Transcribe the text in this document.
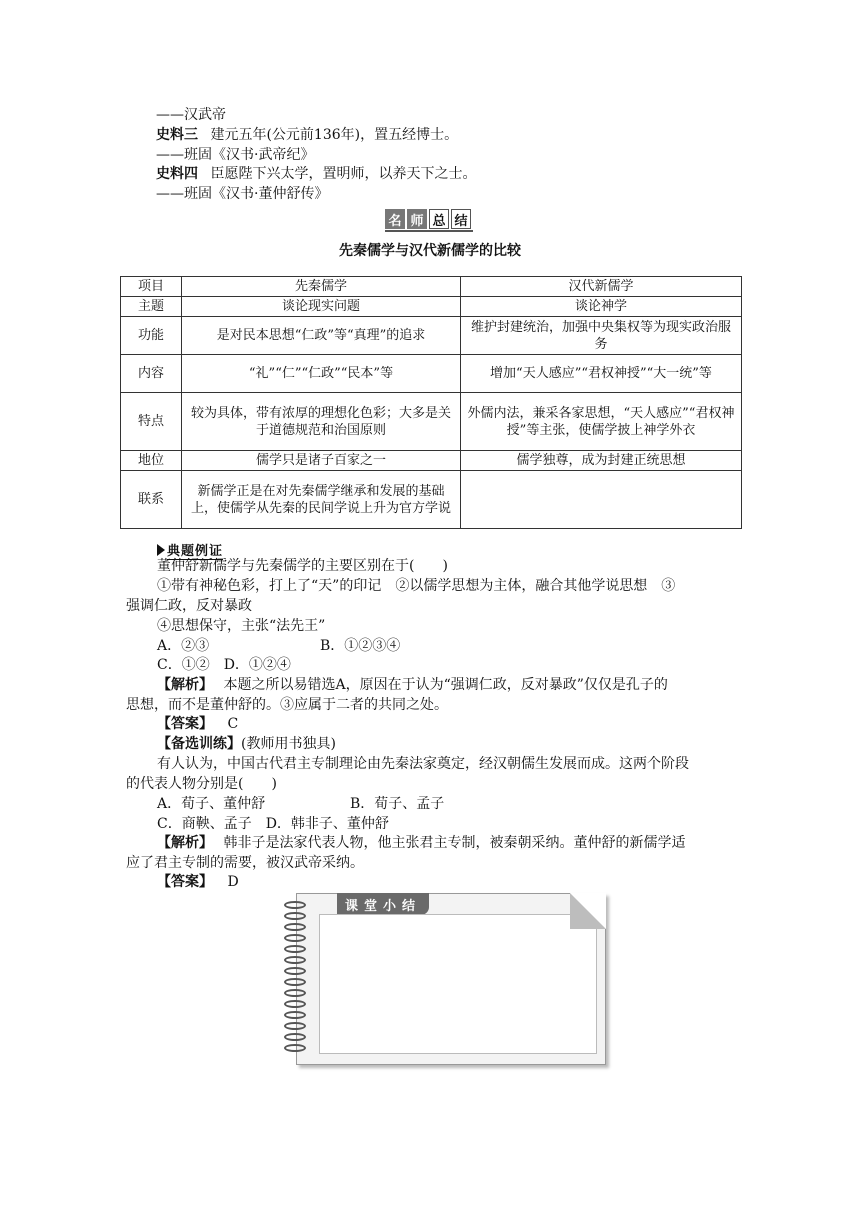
——汉武帝
史料三 建元五年(公元前136年)，置五经博士。
——班固《汉书·武帝纪》
史料四 臣愿陛下兴太学，置明师，以养天下之士。
——班固《汉书·董仲舒传》
名 师 总 结
先秦儒学与汉代新儒学的比较
项目	先秦儒学	汉代新儒学
主题	谈论现实问题	谈论神学
功能	是对民本思想“仁政”等“真理”的追求	维护封建统治，加强中央集权等为现实政治服务
内容	“礼”“仁”“仁政”“民本”等	增加“天人感应”“君权神授”“大一统”等
特点	较为具体，带有浓厚的理想化色彩；大多是关于道德规范和治国原则	外儒内法，兼采各家思想，“天人感应”“君权神授”等主张，使儒学披上神学外衣
地位	儒学只是诸子百家之一	儒学独尊，成为封建正统思想
联系	新儒学正是在对先秦儒学继承和发展的基础上，使儒学从先秦的民间学说上升为官方学说	
典题例证
董仲舒新儒学与先秦儒学的主要区别在于(　　)
①带有神秘色彩，打上了“天”的印记　②以儒学思想为主体，融合其他学说思想　③
强调仁政，反对暴政
④思想保守，主张“法先王”
A．②③	B．①②③④
C．①②　D．①②④
【解析】 本题之所以易错选A，原因在于认为“强调仁政，反对暴政”仅仅是孔子的
思想，而不是董仲舒的。③应属于二者的共同之处。
【答案】 C
【备选训练】(教师用书独具)
有人认为，中国古代君主专制理论由先秦法家奠定，经汉朝儒生发展而成。这两个阶段
的代表人物分别是(　　)
A．荀子、董仲舒	B．荀子、孟子
C．商鞅、孟子　D．韩非子、董仲舒
【解析】 韩非子是法家代表人物，他主张君主专制，被秦朝采纳。董仲舒的新儒学适
应了君主专制的需要，被汉武帝采纳。
【答案】 D
课堂小结
